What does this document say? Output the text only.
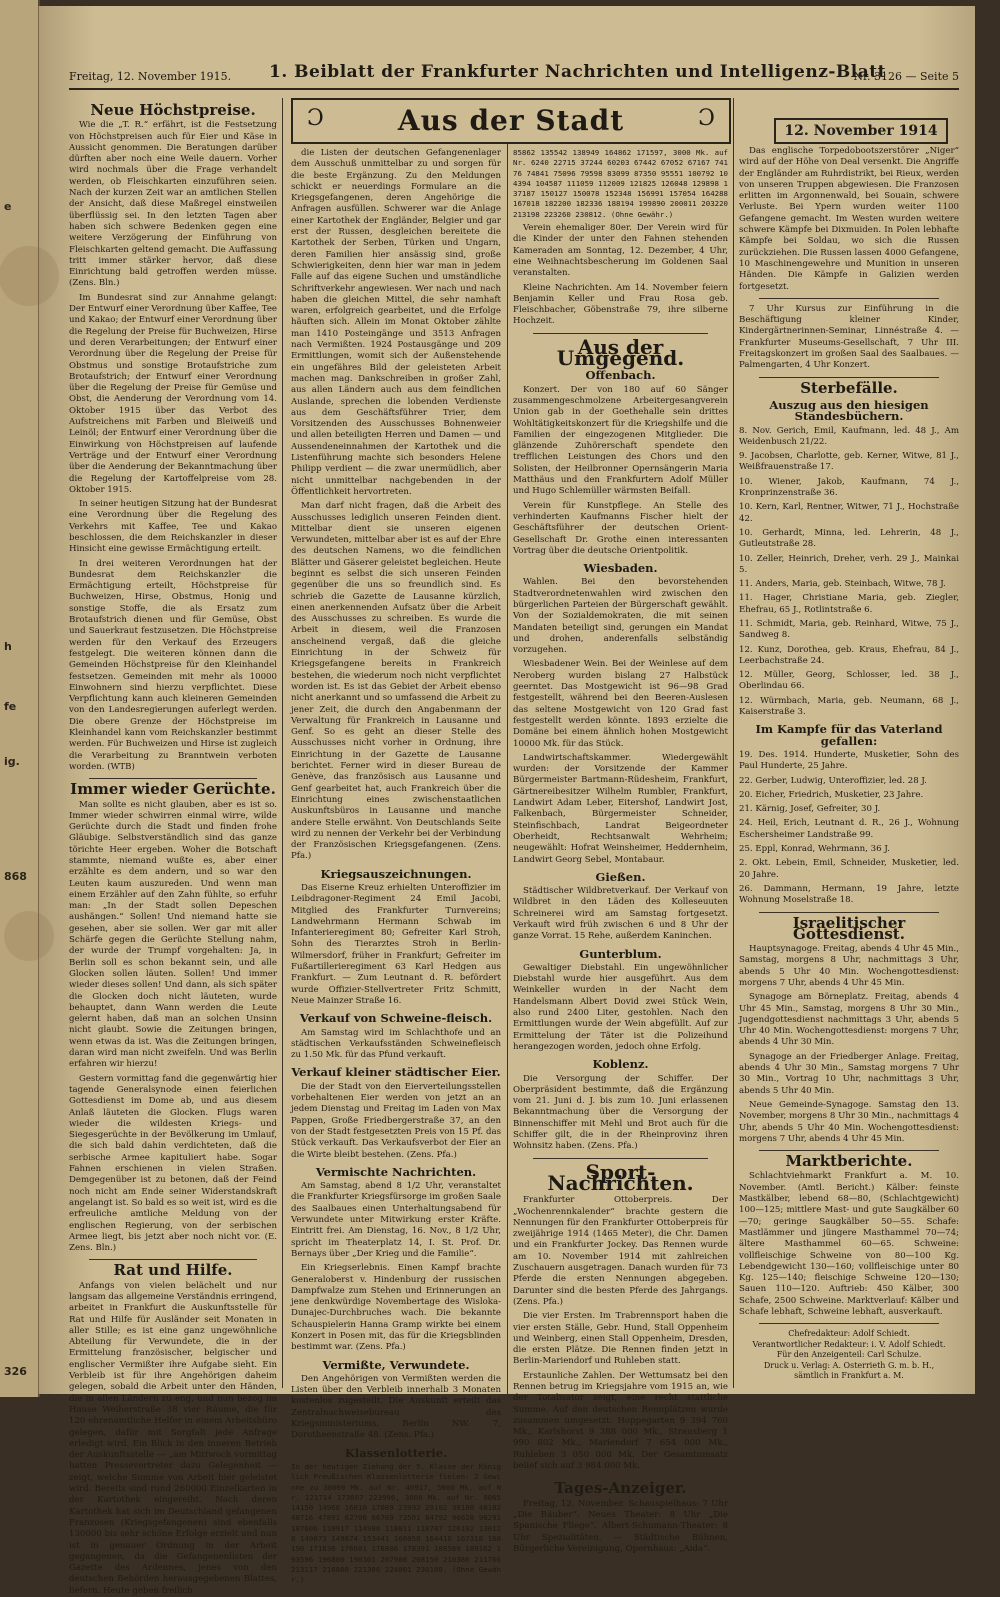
e
h
fe
ig.
868
326
Freitag, 12. November 1915. 1. Beiblatt der Frankfurter Nachrichten und Intelligenz-Blatt
Nr. 3126 — Seite 5
Ɔ	Aus der Stadt	Ɔ
Neue Höchstpreise.

Wie die „T. R.“ erfährt, ist die Festsetzung von Höchstpreisen auch für Eier und Käse in Aussicht genommen. Die Beratungen darüber dürften aber noch eine Weile dauern. Vorher wird nochmals über die Frage verhandelt werden, ob Fleischkarten einzuführen seien. Nach der kurzen Zeit war an amtlichen Stellen der Ansicht, daß diese Maßregel einstweilen überflüssig sei. In den letzten Tagen aber haben sich schwere Bedenken gegen eine weitere Verzögerung der Einführung von Fleischkarten geltend gemacht. Die Auffassung tritt immer stärker hervor, daß diese Einrichtung bald getroffen werden müsse. (Zens. Bln.)

Im Bundesrat sind zur Annahme gelangt: Der Entwurf einer Verordnung über Kaffee, Tee und Kakao; der Entwurf einer Verordnung über die Regelung der Preise für Buchweizen, Hirse und deren Verarbeitungen; der Entwurf einer Verordnung über die Regelung der Preise für Obstmus und sonstige Brotaufstriche zum Brotaufstrich; der Entwurf einer Verordnung über die Regelung der Preise für Gemüse und Obst, die Aenderung der Verordnung vom 14. Oktober 1915 über das Verbot des Aufstreichens mit Farben und Bleiweiß und Leinöl; der Entwurf einer Verordnung über die Einwirkung von Höchstpreisen auf laufende Verträge und der Entwurf einer Verordnung über die Aenderung der Bekanntmachung über die Regelung der Kartoffelpreise vom 28. Oktober 1915.

In seiner heutigen Sitzung hat der Bundesrat eine Verordnung über die Regelung des Verkehrs mit Kaffee, Tee und Kakao beschlossen, die dem Reichskanzler in dieser Hinsicht eine gewisse Ermächtigung erteilt.

In drei weiteren Verordnungen hat der Bundesrat dem Reichskanzler die Ermächtigung erteilt, Höchstpreise für Buchweizen, Hirse, Obstmus, Honig und sonstige Stoffe, die als Ersatz zum Brotaufstrich dienen und für Gemüse, Obst und Sauerkraut festzusetzen. Die Höchstpreise werden für den Verkauf des Erzeugers festgelegt. Die weiteren können dann die Gemeinden Höchstpreise für den Kleinhandel festsetzen. Gemeinden mit mehr als 10000 Einwohnern sind hierzu verpflichtet. Diese Verpflichtung kann auch kleineren Gemeinden von den Landesregierungen auferlegt werden. Die obere Grenze der Höchstpreise im Kleinhandel kann vom Reichskanzler bestimmt werden. Für Buchweizen und Hirse ist zugleich die Verarbeitung zu Branntwein verboten worden. (WTB)

Immer wieder Gerüchte.

Man sollte es nicht glauben, aber es ist so. Immer wieder schwirren einmal wirre, wilde Gerüchte durch die Stadt und finden frohe Gläubige. Selbstverständlich sind das ganze törichte Heer ergeben. Woher die Botschaft stammte, niemand wußte es, aber einer erzählte es dem andern, und so war den Leuten kaum auszureden. Und wenn man einem Erzähler auf den Zahn fühlte, so erfuhr man: „In der Stadt sollen Depeschen aushängen.“ Sollen! Und niemand hatte sie gesehen, aber sie sollen. Wer gar mit aller Schärfe gegen die Gerüchte Stellung nahm, der wurde der Trumpf vorgehalten: Ja, in Berlin soll es schon bekannt sein, und alle Glocken sollen läuten. Sollen! Und immer wieder dieses sollen! Und dann, als sich später die Glocken doch nicht läuteten, wurde behauptet, dann Wann werden die Leute gelernt haben, daß man an solchen Unsinn nicht glaubt. Sowie die Zeitungen bringen, wenn etwas da ist. Was die Zeitungen bringen, daran wird man nicht zweifeln. Und was Berlin erfahren wir hierzu!

Gestern vormittag fand die gegenwärtig hier tagende Generalsynode einen feierlichen Gottesdienst im Dome ab, und aus diesem Anlaß läuteten die Glocken. Flugs waren wieder die wildesten Kriegs- und Siegesgerüchte in der Bevölkerung im Umlauf, die sich bald dahin verdichteten, daß die serbische Armee kapituliert habe. Sogar Fahnen erschienen in vielen Straßen. Demgegenüber ist zu betonen, daß der Feind noch nicht am Ende seiner Widerstandskraft angelangt ist. So bald es so weit ist, wird es die erfreuliche amtliche Meldung von der englischen Regierung, von der serbischen Armee liegt, bis jetzt aber noch nicht vor. (E. Zens. Bln.)

Rat und Hilfe.

Anfangs von vielen belächelt und nur langsam das allgemeine Verständnis erringend, arbeitet in Frankfurt die Auskunftsstelle für Rat und Hilfe für Ausländer seit Monaten in aller Stille; es ist eine ganz ungewöhnliche Abteilung für Verwundete, die in der Ermittelung französischer, belgischer und englischer Vermißter ihre Aufgabe sieht. Ein Verbleib ist für ihre Angehörigen daheim gelegen, sobald die Arbeit unter den Händen, die in allen Ländern zu eng, und nun bezog im Hause Weiherstraße 38 vier Räume, die für 120 ehrenamtliche Helfer in einem Arbeitsbüro gelegen, dafür mit Sorgfalt jede Anfrage erledigt wird. Ein Blick in den inneren Betrieb der Auskunftsstelle — „am Mittwoch vormittag hatten Pressevertreter dazu Gelegenheit — zeigt, welche Summe von Arbeit hier geleistet wird. Bereits sind rund 260000 Einzelkarten in der Kartothek eingereiht. Nach deren Kartothek hat sich im Deutschland gefangenen Franzosen (Kriegsgefangenen) sind ebenfalls 130000 bis sehr schöne Erfolge erzielt und nun ist in genauer Ordnung in der Arbeit gegangenen, da die Gefangenenlisten der Gazette des Ardennes, jenes von den deutschen Behörden herausgegebenen Blattes, liefern. Heute geben freilich

die Listen der deutschen Gefangenenlager dem Ausschuß unmittelbar zu und sorgen für die beste Ergänzung. Zu den Meldungen schickt er neuerdings Formulare an die Kriegsgefangenen, deren Angehörige die Anfragen ausfüllen. Schwerer war die Anlage einer Kartothek der Engländer, Belgier und gar erst der Russen, desgleichen bereitete die Kartothek der Serben, Türken und Ungarn, deren Familien hier ansässig sind, große Schwierigkeiten, denn hier war man in jedem Falle auf das eigene Suchen und umständliche Schriftverkehr angewiesen. Wer nach und nach haben die gleichen Mittel, die sehr namhaft waren, erfolgreich gearbeitet, und die Erfolge häuften sich. Allein im Monat Oktober zählte man 1410 Posteingänge und 3513 Anfragen nach Vermißten. 1924 Postausgänge und 209 Ermittlungen, womit sich der Außenstehende ein ungefähres Bild der geleisteten Arbeit machen mag. Dankschreiben in großer Zahl, aus allen Ländern auch aus dem feindlichen Auslande, sprechen die lobenden Verdienste aus dem Geschäftsführer Trier, dem Vorsitzenden des Ausschusses Bohnenweier und allen beteiligten Herren und Damen — und Aussendeneinnahmen der Kartothek und die Listenführung machte sich besonders Helene Philipp verdient — die zwar unermüdlich, aber nicht unmittelbar nachgebenden in der Öffentlichkeit hervortreten.

Man darf nicht fragen, daß die Arbeit des Ausschusses lediglich unseren Feinden dient. Mittelbar dient sie unseren eigenen Verwundeten, mittelbar aber ist es auf der Ehre des deutschen Namens, wo die feindlichen Blätter und Gäserer geleistet begleichen. Heute beginnt es selbst die sich unseren Feinden gegenüber die uns so freundlich sind. Es schrieb die Gazette de Lausanne kürzlich, einen anerkennenden Aufsatz über die Arbeit des Ausschusses zu schreiben. Es wurde die Arbeit in diesem, weil die Franzosen anscheinend vergaß, daß die gleiche Einrichtung in der Schweiz für Kriegsgefangene bereits in Frankreich bestehen, die wiederum noch nicht verpflichtet worden ist. Es ist das Gebiet der Arbeit ebenso nicht anerkannt und so umfassend die Arbeit zu jener Zeit, die durch den Angabenmann der Verwaltung für Frankreich in Lausanne und Genf. So es geht an dieser Stelle des Ausschusses nicht vorher in Ordnung, ihre Einrichtung in der Gazette de Lausanne berichtet. Ferner wird in dieser Bureau de Genève, das französisch aus Lausanne und Genf gearbeitet hat, auch Frankreich über die Einrichtung eines zwischenstaatlichen Auskunftsbüros in Lausanne und manche andere Stelle erwähnt. Von Deutschlands Seite wird zu nennen der Verkehr bei der Verbindung der Französischen Kriegsgefangenen. (Zens. Pfa.)

Kriegsauszeichnungen.

Das Eiserne Kreuz erhielten Unteroffizier im Leibdragoner-Regiment 24 Emil Jacobi, Mitglied des Frankfurter Turnvereins; Landwehrmann Hermann Schwab im Infanterieregiment 80; Gefreiter Karl Stroh, Sohn des Tierarztes Stroh in Berlin-Wilmersdorf, früher in Frankfurt; Gefreiter im Fußartillerieregiment 63 Karl Hedgen aus Frankfurt. — Zum Leutnant d. R. befördert wurde Offizier-Stellvertreter Fritz Schmitt, Neue Mainzer Straße 16.

Verkauf von Schweine-fleisch.

Am Samstag wird im Schlachthofe und an städtischen Verkaufsständen Schweinefleisch zu 1.50 Mk. für das Pfund verkauft.

Verkauf kleiner städtischer Eier.

Die der Stadt von den Eierverteilungsstellen vorbehaltenen Eier werden von jetzt an an jedem Dienstag und Freitag im Laden von Max Pappen, Große Friedbergerstraße 37, an den von der Stadt festgesetzten Preis von 15 Pf. das Stück verkauft. Das Verkaufsverbot der Eier an die Wirte bleibt bestehen. (Zens. Pfa.)

Vermischte Nachrichten.

Am Samstag, abend 8 1/2 Uhr, veranstaltet die Frankfurter Kriegsfürsorge im großen Saale des Saalbaues einen Unterhaltungsabend für Verwundete unter Mitwirkung erster Kräfte. Eintritt frei. Am Dienstag, 16. Nov., 8 1/2 Uhr, spricht im Theaterplatz 14, I. St. Prof. Dr. Bernays über „Der Krieg und die Familie“.

Ein Kriegserlebnis. Einen Kampf brachte Generaloberst v. Hindenburg der russischen Dampfwalze zum Stehen und Erinnerungen an jene denkwürdige Novembertage des Wisloka-Dunajec-Durchbruches wach. Die bekannte Schauspielerin Hanna Gramp wirkte bei einem Konzert in Posen mit, das für die Kriegsblinden bestimmt war. (Zens. Pfa.)

Vermißte, Verwundete.

Den Angehörigen von Vermißten werden die Listen über den Verbleib innerhalb 3 Monaten kostenlos zugestellt. Die Auskunft erteilt das Zentralnachweisebureau des Kriegsministeriums, Berlin NW. 7, Dorotheenstraße 48. (Zens. Pfa.)

Klassenlotterie.

In der heutigen Ziehung der 5. Klasse der Königlich Preußischen Klassenlotterie fielen: 2 Gewinne zu 30000 Mk. auf Nr. 40917, 5000 Mk. auf Nr. 121714 173607 223996, 3000 Mk. auf Nr. 9065 14150 14966 16810 17089 23992 29102 38180 48182 48716 47891 62706 66769 73501 84792 96628 98291 107606 110917 114986 118811 118787 126102 130128 149073 149874 153441 166058 164416 167318 168190 171836 176601 176806 178391 188589 189162 193596 196800 198301 207908 208150 210386 211766 213117 216860 221306 224001 230108. (Ohne Gewähr.)

85862 135542 138949 164862 171597, 3000 Mk. auf Nr. 6240 22715 37244 60203 67442 67052 67167 74176 74841 75096 79598 83099 87350 95551 100792 104394 104587 111059 112009 121825 126048 129898 137187 150127 150078 152348 156991 157054 164288 167018 182200 182336 188194 199890 200011 203220 213198 223260 230812. (Ohne Gewähr.)

Verein ehemaliger 80er. Der Verein wird für die Kinder der unter den Fahnen stehenden Kameraden am Sonntag, 12. Dezember, 4 Uhr, eine Weihnachtsbescherung im Goldenen Saal veranstalten.

Kleine Nachrichten. Am 14. November feiern Benjamin Keller und Frau Rosa geb. Fleischbacher, Göbenstraße 79, ihre silberne Hochzeit.

Aus der Umgegend.
Offenbach.

Konzert. Der von 180 auf 60 Sänger zusammengeschmolzene Arbeitergesangverein Union gab in der Goethehalle sein drittes Wohltätigkeitskonzert für die Kriegshilfe und die Familien der eingezogenen Mitglieder. Die glänzende Zuhörerschaft spendete den trefflichen Leistungen des Chors und den Solisten, der Heilbronner Opernsängerin Maria Matthäus und den Frankfurtern Adolf Müller und Hugo Schlemüller wärmsten Beifall.

Verein für Kunstpflege. An Stelle des verhinderten Kaufmanns Fischer hielt der Geschäftsführer der deutschen Orient-Gesellschaft Dr. Grothe einen interessanten Vortrag über die deutsche Orientpolitik.

Wiesbaden.

Wahlen. Bei den bevorstehenden Stadtverordnetenwahlen wird zwischen den bürgerlichen Parteien der Bürgerschaft gewählt. Von der Sozialdemokraten, die mit seinen Mandaten beteiligt sind, gerungen ein Mandat und drohen, anderenfalls selbständig vorzugehen.

Wiesbadener Wein. Bei der Weinlese auf dem Neroberg wurden bislang 27 Halbstück geerntet. Das Mostgewicht ist 96—98 Grad festgestellt, während bei den Beeren-Auslesen das seltene Mostgewicht von 120 Grad fast festgestellt werden könnte. 1893 erzielte die Domäne bei einem ähnlich hohen Mostgewicht 10000 Mk. für das Stück.

Landwirtschaftskammer. Wiedergewählt wurden: der Vorsitzende der Kammer Bürgermeister Bartmann-Rüdesheim, Frankfurt, Gärtnereibesitzer Wilhelm Rumbler, Frankfurt, Landwirt Adam Leber, Eitershof, Landwirt Jost, Falkenbach, Bürgermeister Schneider, Steinfischbach, Landrat Beigeordneter Oberheidt, Rechtsanwalt Wehrheim; neugewählt: Hofrat Weinsheimer, Heddernheim, Landwirt Georg Sebel, Montabaur.

Gießen.

Städtischer Wildbretverkauf. Der Verkauf von Wildbret in den Läden des Kolleseuuten Schreinerei wird am Samstag fortgesetzt. Verkauft wird früh zwischen 6 und 8 Uhr der ganze Vorrat. 15 Rehe, außerdem Kaninchen.

Gunterblum.

Gewaltiger Diebstahl. Ein ungewöhnlicher Diebstahl wurde hier ausgeführt. Aus dem Weinkeller wurden in der Nacht dem Handelsmann Albert Dovid zwei Stück Wein, also rund 2400 Liter, gestohlen. Nach den Ermittlungen wurde der Wein abgefüllt. Auf zur Ermittelung der Täter ist die Polizeihund herangezogen worden, jedoch ohne Erfolg.

Koblenz.

Die Versorgung der Schiffer. Der Oberpräsident bestimmte, daß die Ergänzung vom 21. Juni d. J. bis zum 10. Juni erlassenen Bekanntmachung über die Versorgung der Binnenschiffer mit Mehl und Brot auch für die Schiffer gilt, die in der Rheinprovinz ihren Wohnsitz haben. (Zens. Pfa.)

Sport-Nachrichten.

Frankfurter Ottoberpreis. Der „Wochenrennkalender“ brachte gestern die Nennungen für den Frankfurter Ottoberpreis für zweijährige 1914 (1465 Meter), die Chr. Damen und ein Frankfurter Jockey. Das Rennen wurde am 10. November 1914 mit zahlreichen Zuschauern ausgetragen. Danach wurden für 73 Pferde die ersten Nennungen abgegeben. Darunter sind die besten Pferde des Jahrgangs. (Zens. Pfa.)

Die vier Ersten. Im Trabrennsport haben die vier ersten Ställe, Gebr. Hund, Stall Oppenheim und Weinberg, einen Stall Oppenheim, Dresden, die ersten Plätze. Die Rennen finden jetzt in Berlin-Mariendorf und Ruhleben statt.

Erstaunliche Zahlen. Der Wettumsatz bei den Rennen betrug im Kriegsjahre vom 1915 an, wie der Totalisator zeigt, eine recht stattliche Summe. Auf den deutschen Rennplätzen wurde zusammen umgesetzt: Hoppegarten 9 394 760 Mk., Karlshorst 9 388 000 Mk., Strausberg 1 990 802 Mk., Mariendorf 7 654 000 Mk., Ruhleben 3 050 000 Mk. Der Gesamtumsatz belief sich auf 3 984 000 Mk.

Tages-Anzeiger.

Freitag, 12. November. Schauspielhaus: 7 Uhr „Die Räuber“. Neues Theater: 8 Uhr „Die Spanische Fliege“. Albert-Schumann-Theater: 8 Uhr Spezialitäten. — Städtische Bühnen, Bürgerliche Vereinigung, Opernhaus: „Aida“.

12. November 1914

Das englische Torpedobootszerstörer „Niger“ wird auf der Höhe von Deal versenkt. Die Angriffe der Engländer am Ruhrdistrikt, bei Rieux, werden von unseren Truppen abgewiesen. Die Franzosen erlitten im Argonnenwald, bei Souain, schwere Verluste. Bei Ypern wurden weiter 1100 Gefangene gemacht. Im Westen wurden weitere schwere Kämpfe bei Dixmuiden. In Polen lebhafte Kämpfe bei Soldau, wo sich die Russen zurückziehen. Die Russen lassen 4000 Gefangene, 10 Maschinengewehre und Munition in unseren Händen. Die Kämpfe in Galizien werden fortgesetzt.

7 Uhr Kursus zur Einführung in die Beschäftigung kleiner Kinder, Kindergärtnerinnen-Seminar, Linnéstraße 4. — Frankfurter Museums-Gesellschaft, 7 Uhr III. Freitagskonzert im großen Saal des Saalbaues. — Palmengarten, 4 Uhr Konzert.

Sterbefälle.
Auszug aus den hiesigen Standesbüchern.

8. Nov. Gerich, Emil, Kaufmann, led. 48 J., Am Weidenbusch 21/22.

9. Jacobsen, Charlotte, geb. Kerner, Witwe, 81 J., Weißfrauenstraße 17.

10. Wiener, Jakob, Kaufmann, 74 J., Kronprinzenstraße 36.

10. Kern, Karl, Rentner, Witwer, 71 J., Hochstraße 42.

10. Gerhardt, Minna, led. Lehrerin, 48 J., Gutleutstraße 28.

10. Zeller, Heinrich, Dreher, verh. 29 J., Mainkai 5.

11. Anders, Maria, geb. Steinbach, Witwe, 78 J.

11. Hager, Christiane Maria, geb. Ziegler, Ehefrau, 65 J., Rotlintstraße 6.

11. Schmidt, Maria, geb. Reinhard, Witwe, 75 J., Sandweg 8.

12. Kunz, Dorothea, geb. Kraus, Ehefrau, 84 J., Leerbachstraße 24.

12. Müller, Georg, Schlosser, led. 38 J., Oberlindau 66.

12. Würmbach, Maria, geb. Neumann, 68 J., Kaiserstraße 3.

Im Kampfe für das Vaterland gefallen:

19. Des. 1914. Hunderte, Musketier, Sohn des Paul Hunderte, 25 Jahre.

22. Gerber, Ludwig, Unteroffizier, led. 28 J.

20. Eicher, Friedrich, Musketier, 23 Jahre.

21. Kärnig, Josef, Gefreiter, 30 J.

24. Heil, Erich, Leutnant d. R., 26 J., Wohnung Eschersheimer Landstraße 99.

25. Eppl, Konrad, Wehrmann, 36 J.

2. Okt. Lebein, Emil, Schneider, Musketier, led. 20 Jahre.

26. Dammann, Hermann, 19 Jahre, letzte Wohnung Moselstraße 18.

Israelitischer Gottesdienst.

Hauptsynagoge. Freitag, abends 4 Uhr 45 Min., Samstag, morgens 8 Uhr, nachmittags 3 Uhr, abends 5 Uhr 40 Min. Wochengottesdienst: morgens 7 Uhr, abends 4 Uhr 45 Min.

Synagoge am Börneplatz. Freitag, abends 4 Uhr 45 Min., Samstag, morgens 8 Uhr 30 Min., Jugendgottesdienst nachmittags 3 Uhr, abends 5 Uhr 40 Min. Wochengottesdienst: morgens 7 Uhr, abends 4 Uhr 30 Min.

Synagoge an der Friedberger Anlage. Freitag, abends 4 Uhr 30 Min., Samstag morgens 7 Uhr 30 Min., Vortrag 10 Uhr, nachmittags 3 Uhr, abends 5 Uhr 40 Min.

Neue Gemeinde-Synagoge. Samstag den 13. November, morgens 8 Uhr 30 Min., nachmittags 4 Uhr, abends 5 Uhr 40 Min. Wochengottesdienst: morgens 7 Uhr, abends 4 Uhr 45 Min.

Marktberichte.

Schlachtviehmarkt Frankfurt a. M. 10. November. (Amtl. Bericht.) Kälber: feinste Mastkälber, lebend 68—80, (Schlachtgewicht) 100—125; mittlere Mast- und gute Saugkälber 60—70; geringe Saugkälber 50—55. Schafe: Mastlämmer und jüngere Masthammel 70—74; ältere Masthammel 60—65. Schweine: vollfleischige Schweine von 80—100 Kg. Lebendgewicht 130—160; vollfleischige unter 80 Kg. 125—140; fleischige Schweine 120—130; Sauen 110—120. Auftrieb: 450 Kälber, 300 Schafe, 2500 Schweine. Marktverlauf: Kälber und Schafe lebhaft, Schweine lebhaft, ausverkauft.

Chefredakteur: Adolf Schiedt.
Verantwortlicher Redakteur: i. V. Adolf Schiedt.
Für den Anzeigenteil: Carl Schulze.
Druck u. Verlag: A. Osterrieth G. m. b. H.,
sämtlich in Frankfurt a. M.
